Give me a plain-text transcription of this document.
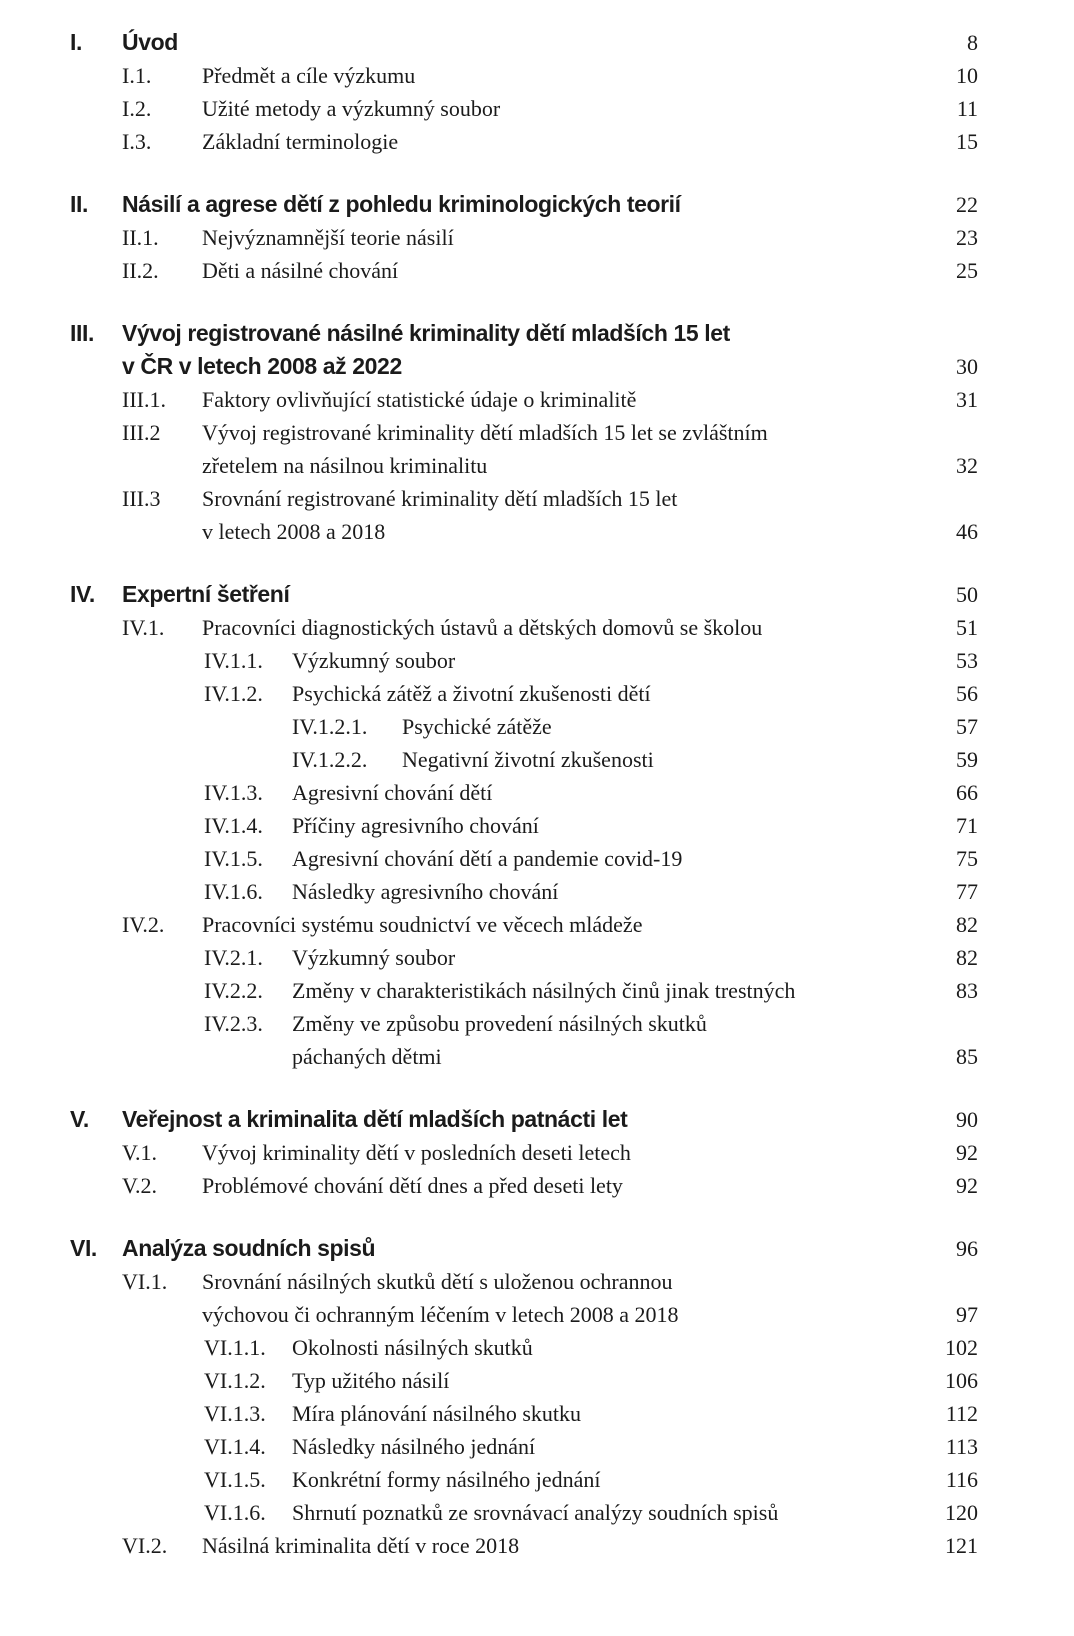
I.	Úvod	8
I.1.	Předmět a cíle výzkumu	10
I.2.	Užité metody a výzkumný soubor	11
I.3.	Základní terminologie	15
II.	Násilí a agrese dětí z pohledu kriminologických teorií	22
II.1.	Nejvýznamnější teorie násilí	23
II.2.	Děti a násilné chování	25
III.	Vývoj registrované násilné kriminality dětí mladších 15 let
v ČR v letech 2008 až 2022	30
III.1.	Faktory ovlivňující statistické údaje o kriminalitě	31
III.2	Vývoj registrované kriminality dětí mladších 15 let se zvláštním
zřetelem na násilnou kriminalitu	32
III.3	Srovnání registrované kriminality dětí mladších 15 let
v letech 2008 a 2018	46
IV.	Expertní šetření	50
IV.1.	Pracovníci diagnostických ústavů a dětských domovů se školou	51
IV.1.1.	Výzkumný soubor	53
IV.1.2.	Psychická zátěž a životní zkušenosti dětí	56
IV.1.2.1.	Psychické zátěže	57
IV.1.2.2.	Negativní životní zkušenosti	59
IV.1.3.	Agresivní chování dětí	66
IV.1.4.	Příčiny agresivního chování	71
IV.1.5.	Agresivní chování dětí a pandemie covid-19	75
IV.1.6.	Následky agresivního chování	77
IV.2.	Pracovníci systému soudnictví ve věcech mládeže	82
IV.2.1.	Výzkumný soubor	82
IV.2.2.	Změny v charakteristikách násilných činů jinak trestných	83
IV.2.3.	Změny ve způsobu provedení násilných skutků
páchaných dětmi	85
V.	Veřejnost a kriminalita dětí mladších patnácti let	90
V.1.	Vývoj kriminality dětí v posledních deseti letech	92
V.2.	Problémové chování dětí dnes a před deseti lety	92
VI.	Analýza soudních spisů	96
VI.1.	Srovnání násilných skutků dětí s uloženou ochrannou
výchovou či ochranným léčením v letech 2008 a 2018	97
VI.1.1.	Okolnosti násilných skutků	102
VI.1.2.	Typ užitého násilí	106
VI.1.3.	Míra plánování násilného skutku	112
VI.1.4.	Následky násilného jednání	113
VI.1.5.	Konkrétní formy násilného jednání	116
VI.1.6.	Shrnutí poznatků ze srovnávací analýzy soudních spisů	120
VI.2.	Násilná kriminalita dětí v roce 2018	121
